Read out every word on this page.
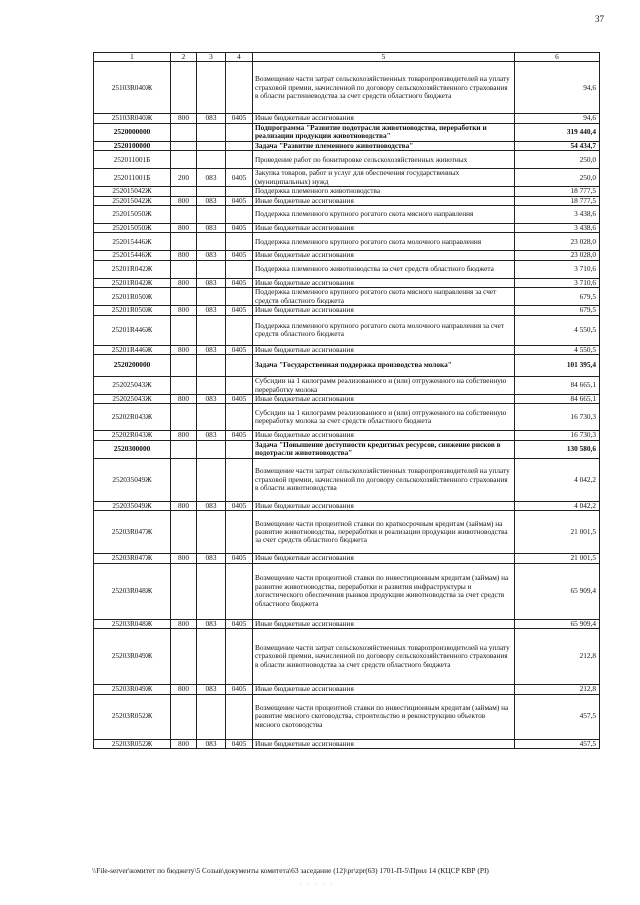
37
1	2	3	4	5	6
25103R040Ж				Возмещение части затрат сельскохозяйственных товаропроизводителей на уплату страховой премии, начисленной по договору сельскохозяйственного страхования в области растениеводства за счет средств областного бюджета	94,6
25103R040Ж	800	083	0405	Иные бюджетные ассигнования	94,6
2520000000				Подпрограмма "Развитие подотрасли животноводства, переработки и реализации продукции животноводства"	319 440,4
2520100000				Задача "Развитие племенного животноводства"	54 434,7
252011001Б				Проведение работ по бонитировке сельскохозяйственных животных	250,0
252011001Б	200	083	0405	Закупка товаров, работ и услуг для обеспечения государственных (муниципальных) нужд	250,0
252015042Ж				Поддержка племенного животноводства	18 777,5
252015042Ж	800	083	0405	Иные бюджетные ассигнования	18 777,5
252015050Ж				Поддержка племенного крупного рогатого скота мясного направления	3 438,6
252015050Ж	800	083	0405	Иные бюджетные ассигнования	3 438,6
252015446Ж				Поддержка племенного крупного рогатого скота молочного направления	23 028,0
252015446Ж	800	083	0405	Иные бюджетные ассигнования	23 028,0
25201R042Ж				Поддержка племенного животноводства за счет средств областного бюджета	3 710,6
25201R042Ж	800	083	0405	Иные бюджетные ассигнования	3 710,6
25201R050Ж				Поддержка племенного крупного рогатого скота мясного направления за счет средств областного бюджета	679,5
25201R050Ж	800	083	0405	Иные бюджетные ассигнования	679,5
25201R446Ж				Поддержка племенного крупного рогатого скота молочного направления за счет средств областного бюджета	4 550,5
25201R446Ж	800	083	0405	Иные бюджетные ассигнования	4 550,5
2520200000				Задача "Государственная поддержка производства молока"	101 395,4
252025043Ж				Субсидии на 1 килограмм реализованного и (или) отгруженного на собственную переработку молока	84 665,1
252025043Ж	800	083	0405	Иные бюджетные ассигнования	84 665,1
25202R043Ж				Субсидии на 1 килограмм реализованного и (или) отгруженного на собственную переработку молока за счет средств областного бюджета	16 730,3
25202R043Ж	800	083	0405	Иные бюджетные ассигнования	16 730,3
2520300000				Задача "Повышение доступности кредитных ресурсов, снижение рисков в подотрасли животноводства"	130 580,6
252035049Ж				Возмещение части затрат сельскохозяйственных товаропроизводителей на уплату страховой премии, начисленной по договору сельскохозяйственного страхования в области животноводства	4 042,2
252035049Ж	800	083	0405	Иные бюджетные ассигнования	4 042,2
25203R047Ж				Возмещение части процентной ставки по краткосрочным кредитам (займам) на развитие животноводства, переработки и реализации продукции животноводства за счет средств областного бюджета	21 001,5
25203R047Ж	800	083	0405	Иные бюджетные ассигнования	21 001,5
25203R048Ж				Возмещение части процентной ставки по инвестиционным кредитам (займам) на развитие животноводства, переработки и развития инфраструктуры и логистического обеспечения рынков продукции животноводства за счет средств областного бюджета	65 909,4
25203R048Ж	800	083	0405	Иные бюджетные ассигнования	65 909,4
25203R049Ж				Возмещение части затрат сельскохозяйственных товаропроизводителей на уплату страховой премии, начисленной по договору сельскохозяйственного страхования в области животноводства за счет средств областного бюджета	212,8
25203R049Ж	800	083	0405	Иные бюджетные ассигнования	212,8
25203R052Ж				Возмещение части процентной ставки по инвестиционным кредитам (займам) на развитие мясного скотоводства, строительство и реконструкцию объектов мясного скотоводства	457,5
25203R052Ж	800	083	0405	Иные бюджетные ассигнования	457,5
\\File-server\комитет по бюджету\5 Созыв\документы комитета\63 заседание (12)\pr\zpr(63) 1701-П-5\Прил 14 (КЦСР КВР (PI)
· · · · ·
